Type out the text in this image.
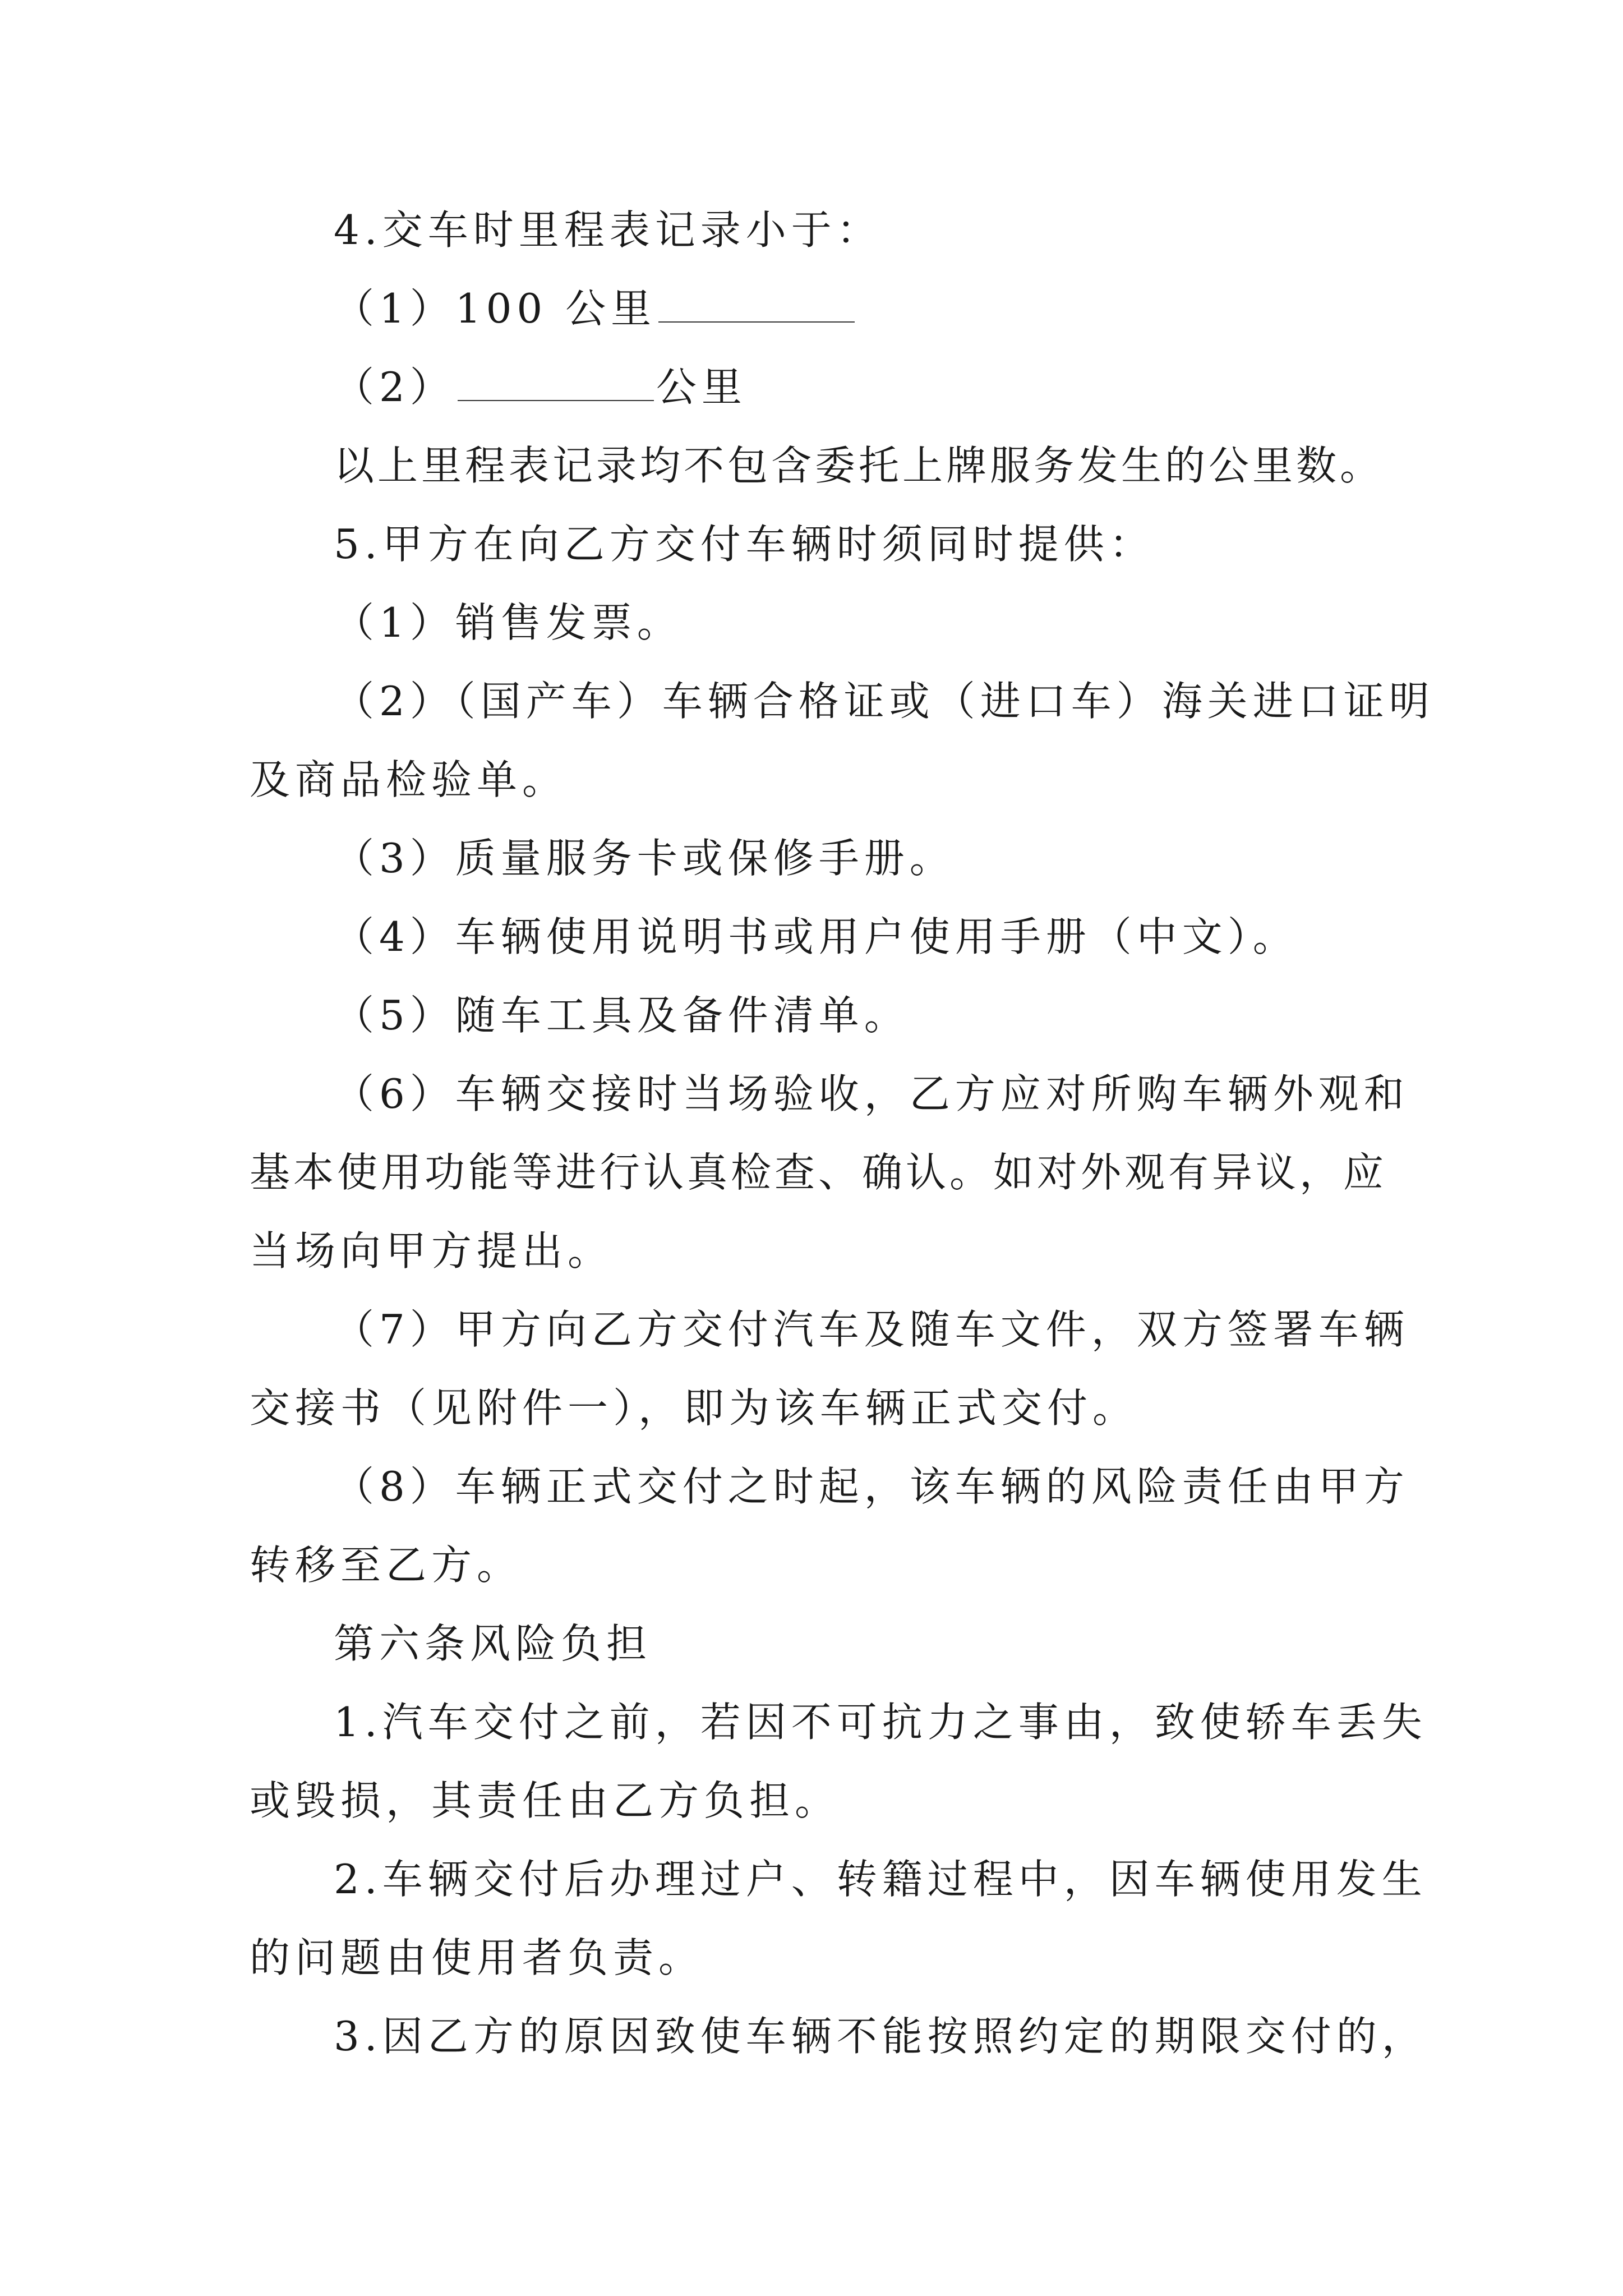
4.交车时里程表记录小于：
（1）100 公里
（2）	公里
以上里程表记录均不包含委托上牌服务发生的公里数。
5.甲方在向乙方交付车辆时须同时提供：
（1）销售发票。
（2）（国产车）车辆合格证或（进口车）海关进口证明
及商品检验单。
（3）质量服务卡或保修手册。
（4）车辆使用说明书或用户使用手册（中文）。
（5）随车工具及备件清单。
（6）车辆交接时当场验收，乙方应对所购车辆外观和
基本使用功能等进行认真检查、确认。如对外观有异议，应
当场向甲方提出。
（7）甲方向乙方交付汽车及随车文件，双方签署车辆
交接书（见附件一），即为该车辆正式交付。
（8）车辆正式交付之时起，该车辆的风险责任由甲方
转移至乙方。
第六条风险负担
1.汽车交付之前，若因不可抗力之事由，致使轿车丢失
或毁损，其责任由乙方负担。
2.车辆交付后办理过户、转籍过程中，因车辆使用发生
的问题由使用者负责。
3.因乙方的原因致使车辆不能按照约定的期限交付的，
